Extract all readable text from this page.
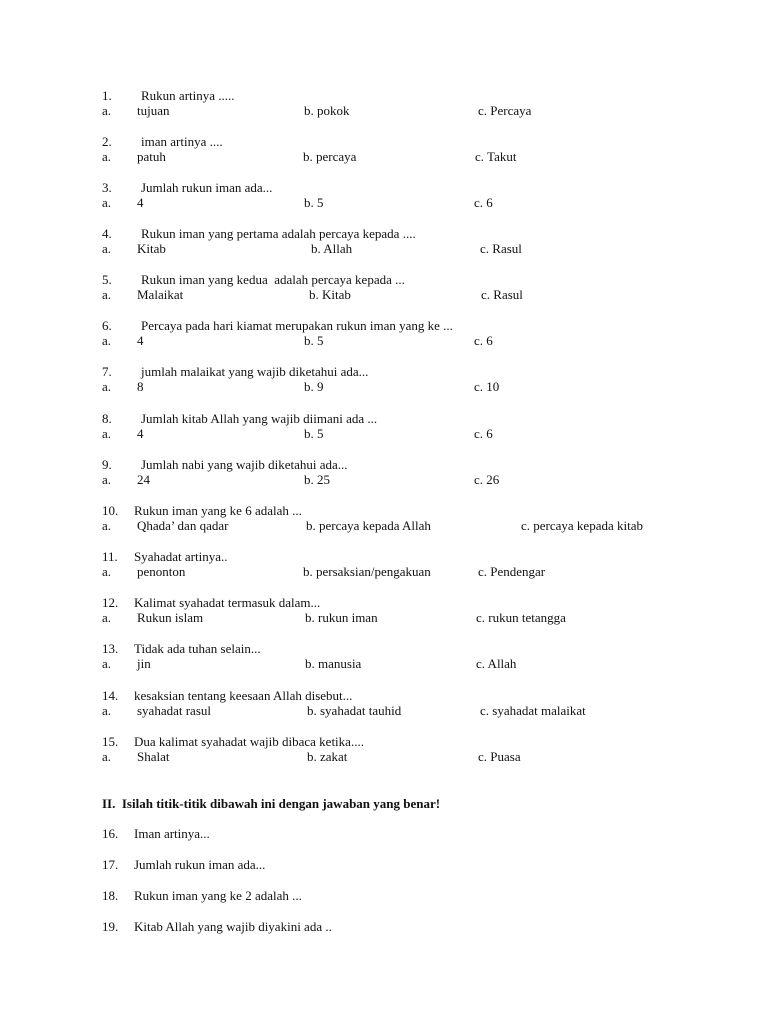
1. Rukun artinya .....
a. tujuan	b. pokok	c. Percaya
2. iman artinya ....
a. patuh	b. percaya	c. Takut
3. Jumlah rukun iman ada...
a. 4	b. 5	c. 6
4. Rukun iman yang pertama adalah percaya kepada ....
a. Kitab	b. Allah	c. Rasul
5. Rukun iman yang kedua  adalah percaya kepada ...
a. Malaikat	b. Kitab	c. Rasul
6. Percaya pada hari kiamat merupakan rukun iman yang ke ...
a. 4	b. 5	c. 6
7. jumlah malaikat yang wajib diketahui ada...
a. 8	b. 9	c. 10
8. Jumlah kitab Allah yang wajib diimani ada ...
a. 4	b. 5	c. 6
9. Jumlah nabi yang wajib diketahui ada...
a. 24	b. 25	c. 26
10. Rukun iman yang ke 6 adalah ...
a. Qhada’ dan qadar	b. percaya kepada Allah	c. percaya kepada kitab
11. Syahadat artinya..
a. penonton	b. persaksian/pengakuan	c. Pendengar
12. Kalimat syahadat termasuk dalam...
a. Rukun islam	b. rukun iman	c. rukun tetangga
13. Tidak ada tuhan selain...
a. jin	b. manusia	c. Allah
14. kesaksian tentang keesaan Allah disebut...
a. syahadat rasul	b. syahadat tauhid	c. syahadat malaikat
15. Dua kalimat syahadat wajib dibaca ketika....
a. Shalat	b. zakat	c. Puasa
II.  Isilah titik-titik dibawah ini dengan jawaban yang benar!
16. Iman artinya...
17. Jumlah rukun iman ada...
18. Rukun iman yang ke 2 adalah ...
19. Kitab Allah yang wajib diyakini ada ..
